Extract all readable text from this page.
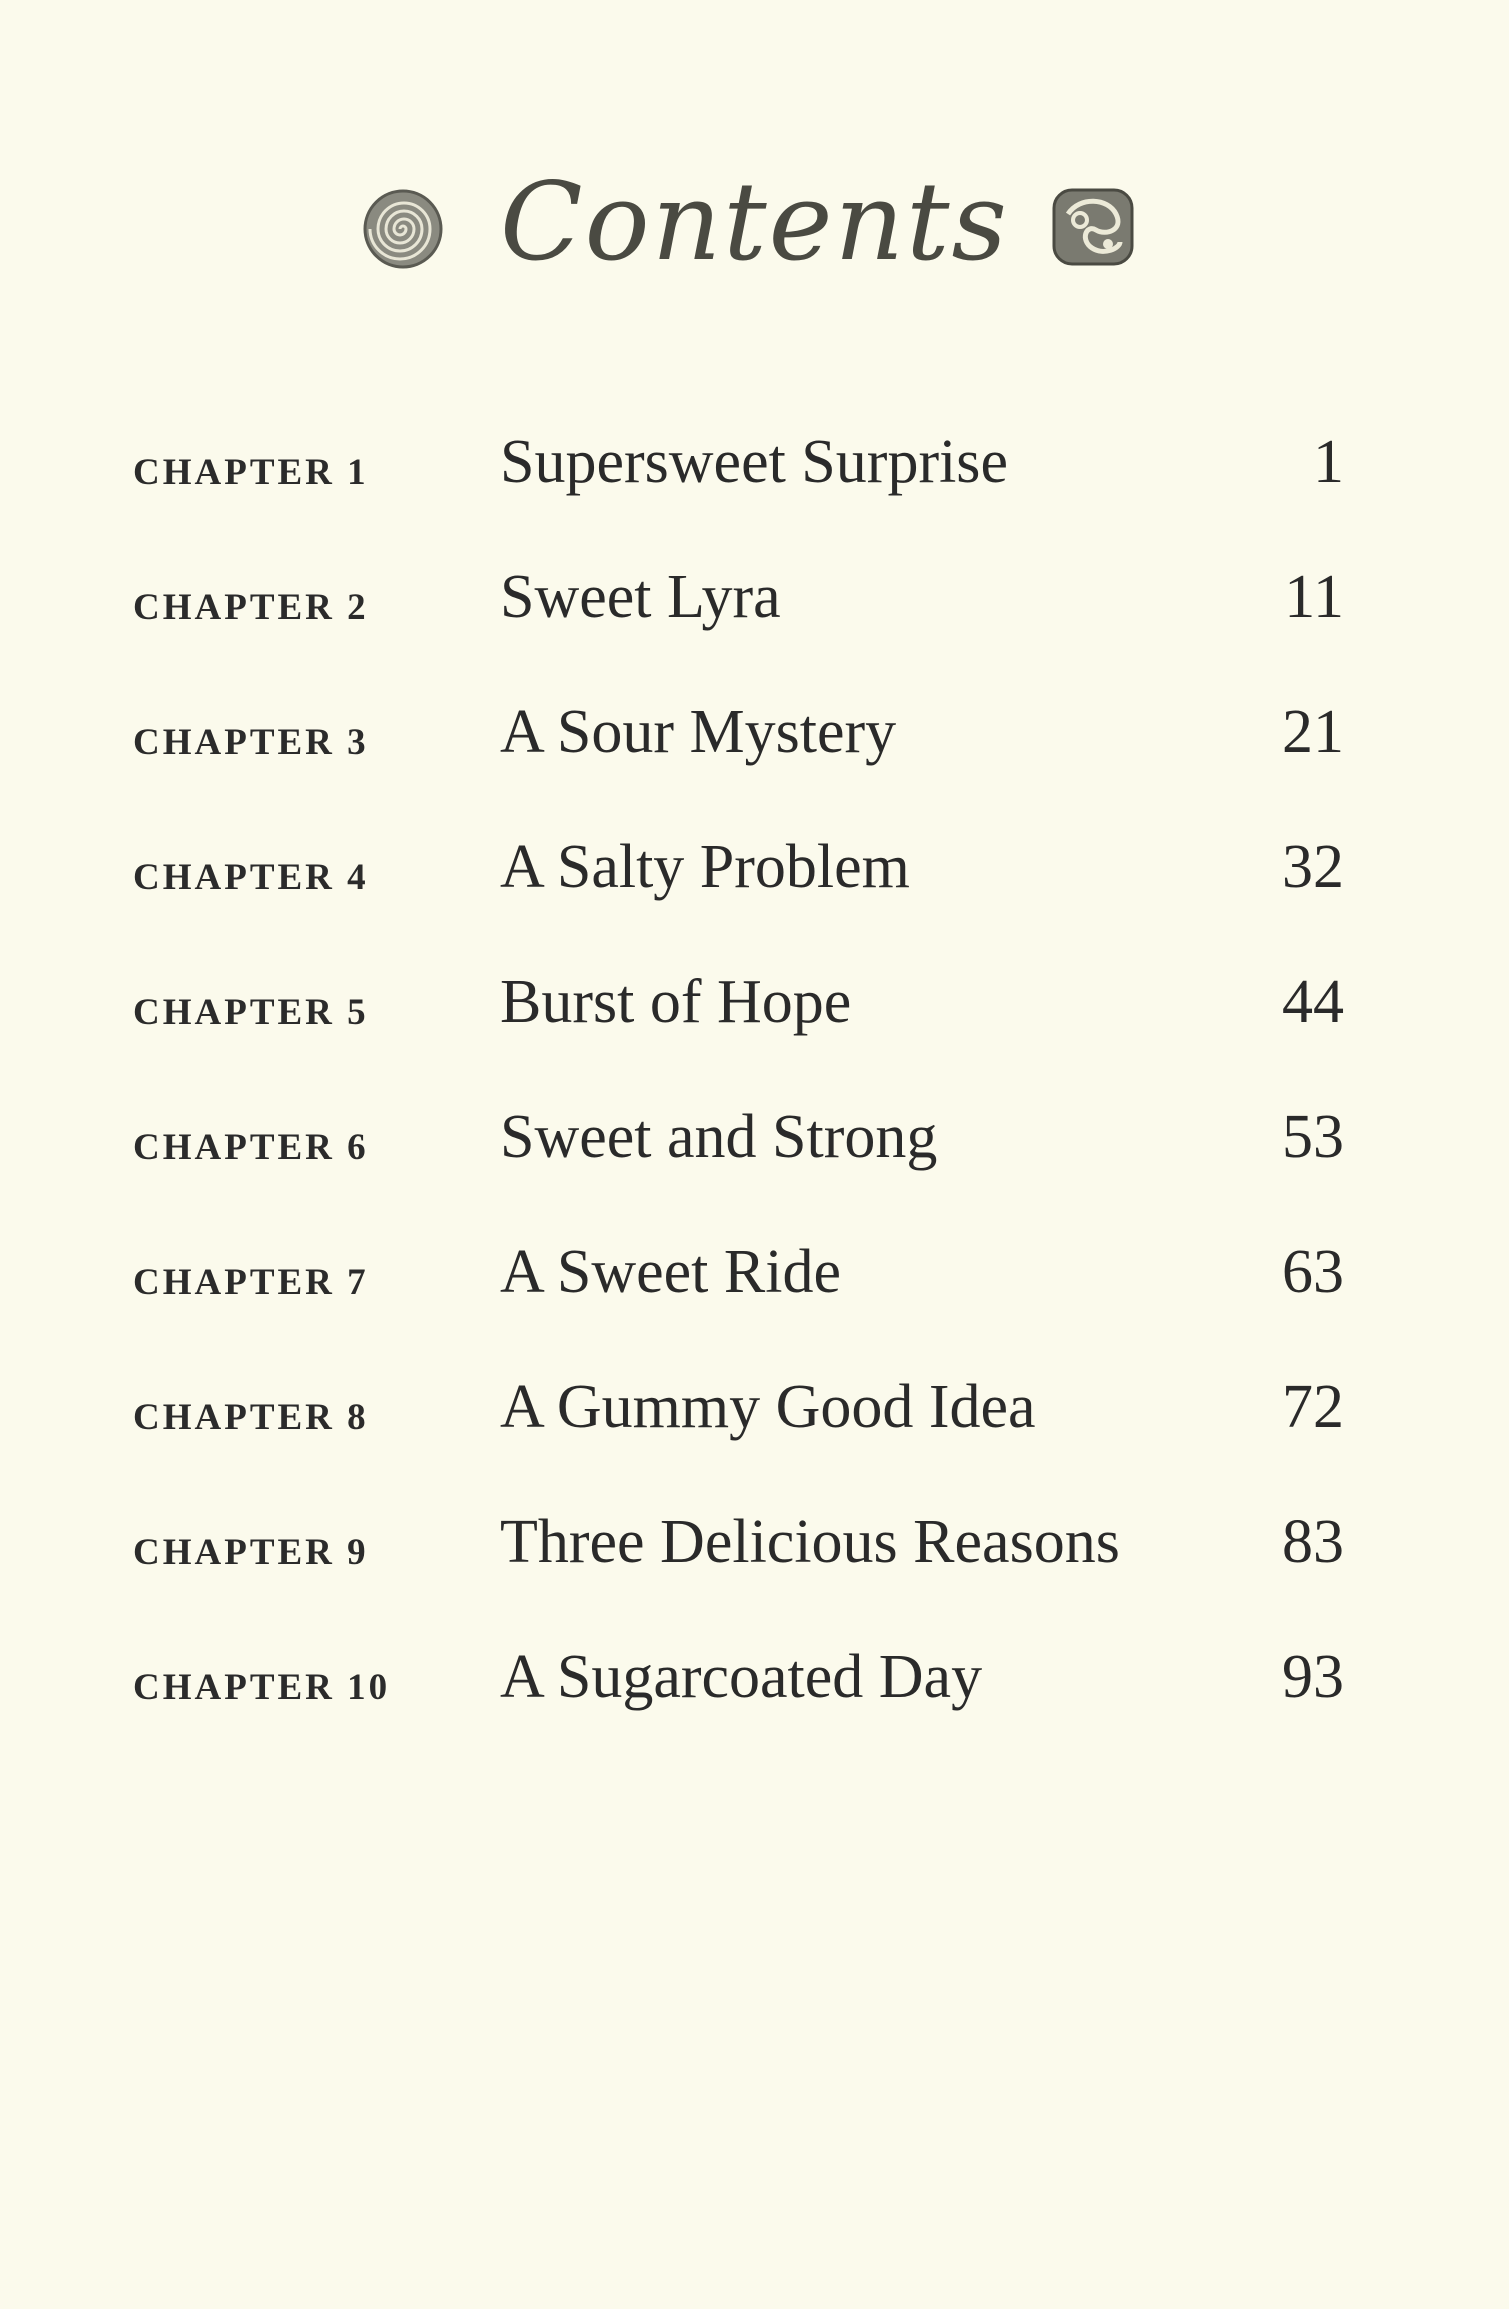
Contents
CHAPTER 1 Supersweet Surprise	1
CHAPTER 2 Sweet Lyra	11
CHAPTER 3 A Sour Mystery	21
CHAPTER 4 A Salty Problem	32
CHAPTER 5 Burst of Hope	44
CHAPTER 6 Sweet and Strong	53
CHAPTER 7 A Sweet Ride	63
CHAPTER 8 A Gummy Good Idea	72
CHAPTER 9 Three Delicious Reasons	83
CHAPTER 10 A Sugarcoated Day	93
